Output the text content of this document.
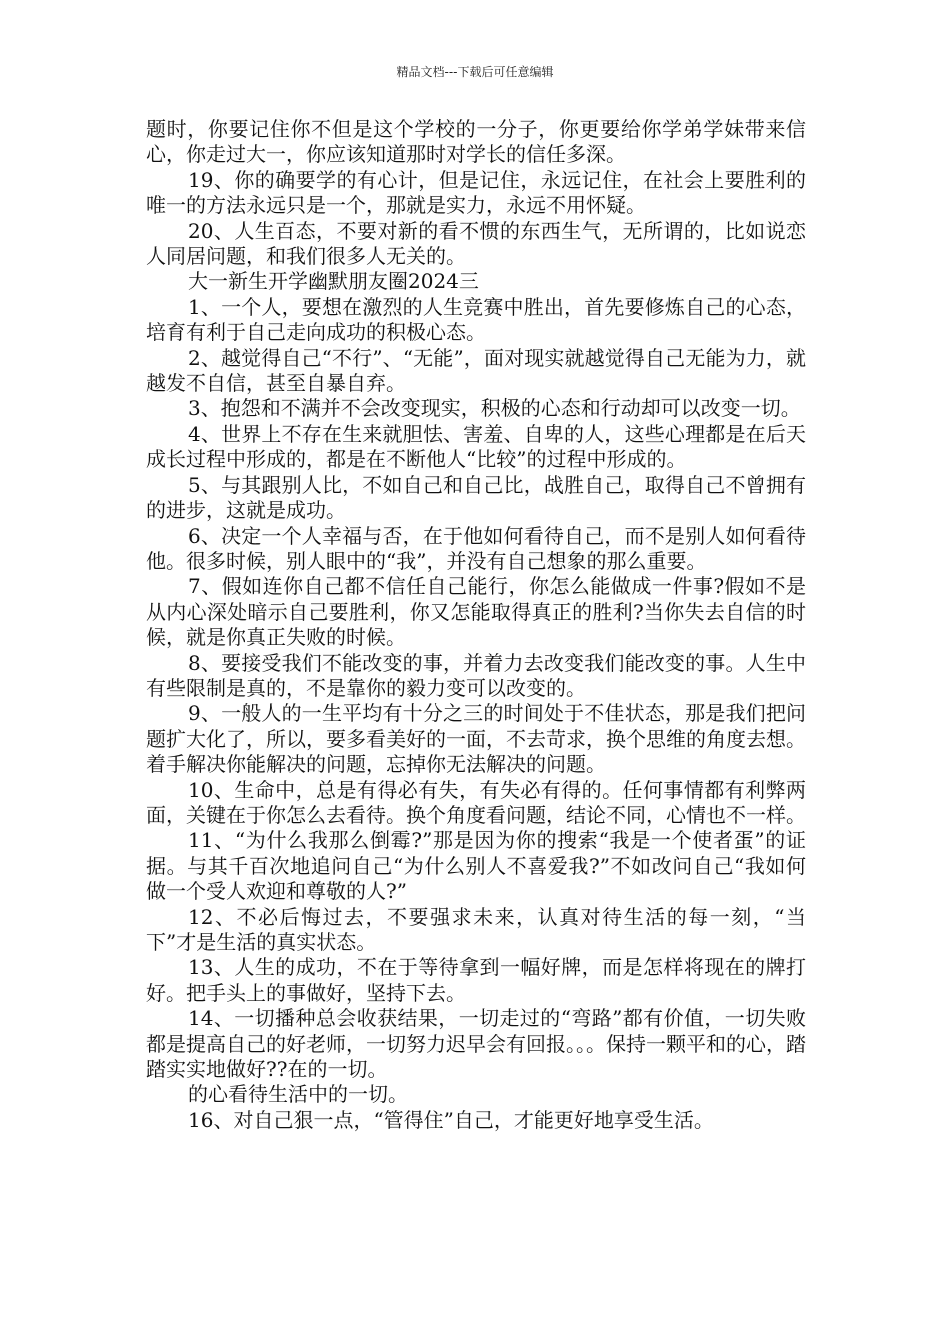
精品文档---下载后可任意编辑

题时，你要记住你不但是这个学校的一分子，你更要给你学弟学妹带来信心，你走过大一，你应该知道那时对学长的信任多深。

19、你的确要学的有心计，但是记住，永远记住，在社会上要胜利的唯一的方法永远只是一个，那就是实力，永远不用怀疑。

20、人生百态，不要对新的看不惯的东西生气，无所谓的，比如说恋人同居问题，和我们很多人无关的。

大一新生开学幽默朋友圈2024三

1、一个人，要想在激烈的人生竞赛中胜出，首先要修炼自己的心态，培育有利于自己走向成功的积极心态。

2、越觉得自己“不行”、“无能”，面对现实就越觉得自己无能为力，就越发不自信，甚至自暴自弃。

3、抱怨和不满并不会改变现实，积极的心态和行动却可以改变一切。

4、世界上不存在生来就胆怯、害羞、自卑的人，这些心理都是在后天成长过程中形成的，都是在不断他人“比较”的过程中形成的。

5、与其跟别人比，不如自己和自己比，战胜自己，取得自己不曾拥有的进步，这就是成功。

6、决定一个人幸福与否，在于他如何看待自己，而不是别人如何看待他。很多时候，别人眼中的“我”，并没有自己想象的那么重要。

7、假如连你自己都不信任自己能行，你怎么能做成一件事?假如不是从内心深处暗示自己要胜利，你又怎能取得真正的胜利?当你失去自信的时候，就是你真正失败的时候。

8、要接受我们不能改变的事，并着力去改变我们能改变的事。人生中有些限制是真的，不是靠你的毅力变可以改变的。

9、一般人的一生平均有十分之三的时间处于不佳状态，那是我们把问题扩大化了，所以，要多看美好的一面，不去苛求，换个思维的角度去想。着手解决你能解决的问题，忘掉你无法解决的问题。

10、生命中，总是有得必有失，有失必有得的。任何事情都有利弊两面，关键在于你怎么去看待。换个角度看问题，结论不同，心情也不一样。

11、“为什么我那么倒霉?”那是因为你的搜索“我是一个使者蛋”的证据。与其千百次地追问自己“为什么别人不喜爱我?”不如改问自己“我如何做一个受人欢迎和尊敬的人?”

12、不必后悔过去，不要强求未来，认真对待生活的每一刻，“当下”才是生活的真实状态。

13、人生的成功，不在于等待拿到一幅好牌，而是怎样将现在的牌打好。把手头上的事做好，坚持下去。

14、一切播种总会收获结果，一切走过的“弯路”都有价值，一切失败都是提高自己的好老师，一切努力迟早会有回报。。。保持一颗平和的心，踏踏实实地做好??在的一切。

的心看待生活中的一切。

16、对自己狠一点，“管得住”自己，才能更好地享受生活。
